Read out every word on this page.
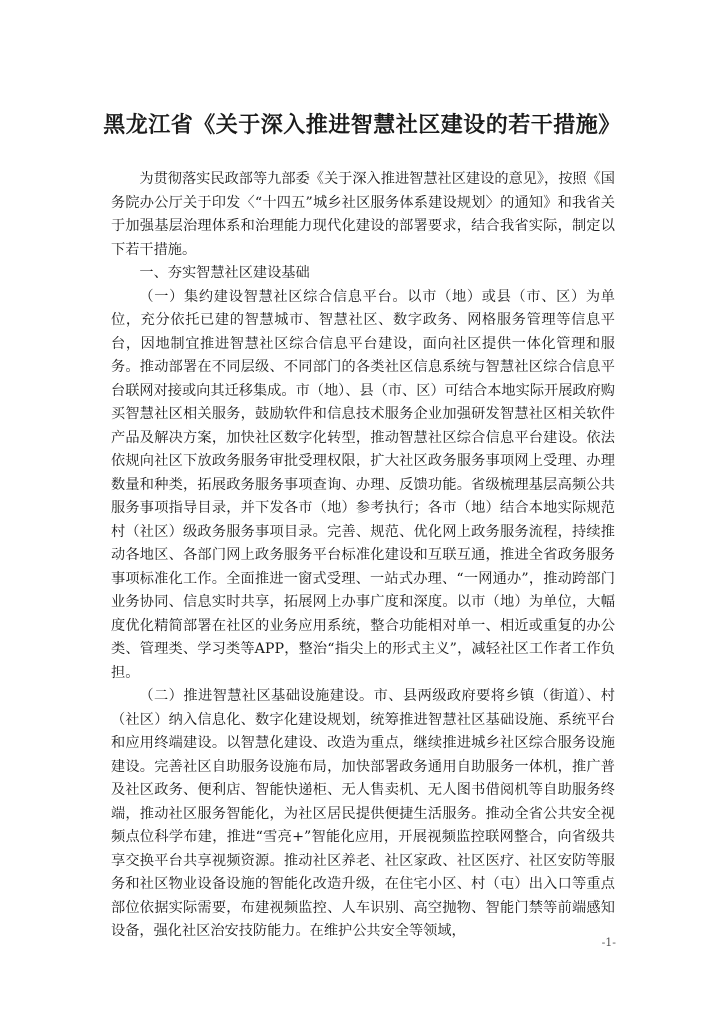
黑龙江省《关于深入推进智慧社区建设的若干措施》

为贯彻落实民政部等九部委《关于深入推进智慧社区建设的意见》，按照《国务院办公厅关于印发〈“十四五”城乡社区服务体系建设规划〉的通知》和我省关于加强基层治理体系和治理能力现代化建设的部署要求，结合我省实际，制定以下若干措施。

一、夯实智慧社区建设基础

（一）集约建设智慧社区综合信息平台。以市（地）或县（市、区）为单位，充分依托已建的智慧城市、智慧社区、数字政务、网格服务管理等信息平台，因地制宜推进智慧社区综合信息平台建设，面向社区提供一体化管理和服务。推动部署在不同层级、不同部门的各类社区信息系统与智慧社区综合信息平台联网对接或向其迁移集成。市（地）、县（市、区）可结合本地实际开展政府购买智慧社区相关服务，鼓励软件和信息技术服务企业加强研发智慧社区相关软件产品及解决方案，加快社区数字化转型，推动智慧社区综合信息平台建设。依法依规向社区下放政务服务审批受理权限，扩大社区政务服务事项网上受理、办理数量和种类，拓展政务服务事项查询、办理、反馈功能。省级梳理基层高频公共服务事项指导目录，并下发各市（地）参考执行；各市（地）结合本地实际规范村（社区）级政务服务事项目录。完善、规范、优化网上政务服务流程，持续推动各地区、各部门网上政务服务平台标准化建设和互联互通，推进全省政务服务事项标准化工作。全面推进一窗式受理、一站式办理、“一网通办”，推动跨部门业务协同、信息实时共享，拓展网上办事广度和深度。以市（地）为单位，大幅度优化精简部署在社区的业务应用系统，整合功能相对单一、相近或重复的办公类、管理类、学习类等APP，整治“指尖上的形式主义”，减轻社区工作者工作负担。

（二）推进智慧社区基础设施建设。市、县两级政府要将乡镇（街道）、村（社区）纳入信息化、数字化建设规划，统筹推进智慧社区基础设施、系统平台和应用终端建设。以智慧化建设、改造为重点，继续推进城乡社区综合服务设施建设。完善社区自助服务设施布局，加快部署政务通用自助服务一体机，推广普及社区政务、便利店、智能快递柜、无人售卖机、无人图书借阅机等自助服务终端，推动社区服务智能化，为社区居民提供便捷生活服务。推动全省公共安全视频点位科学布建，推进“雪亮+”智能化应用，开展视频监控联网整合，向省级共享交换平台共享视频资源。推动社区养老、社区家政、社区医疗、社区安防等服务和社区物业设备设施的智能化改造升级，在住宅小区、村（屯）出入口等重点部位依据实际需要，布建视频监控、人车识别、高空抛物、智能门禁等前端感知设备，强化社区治安技防能力。在维护公共安全等领域，

-1-
